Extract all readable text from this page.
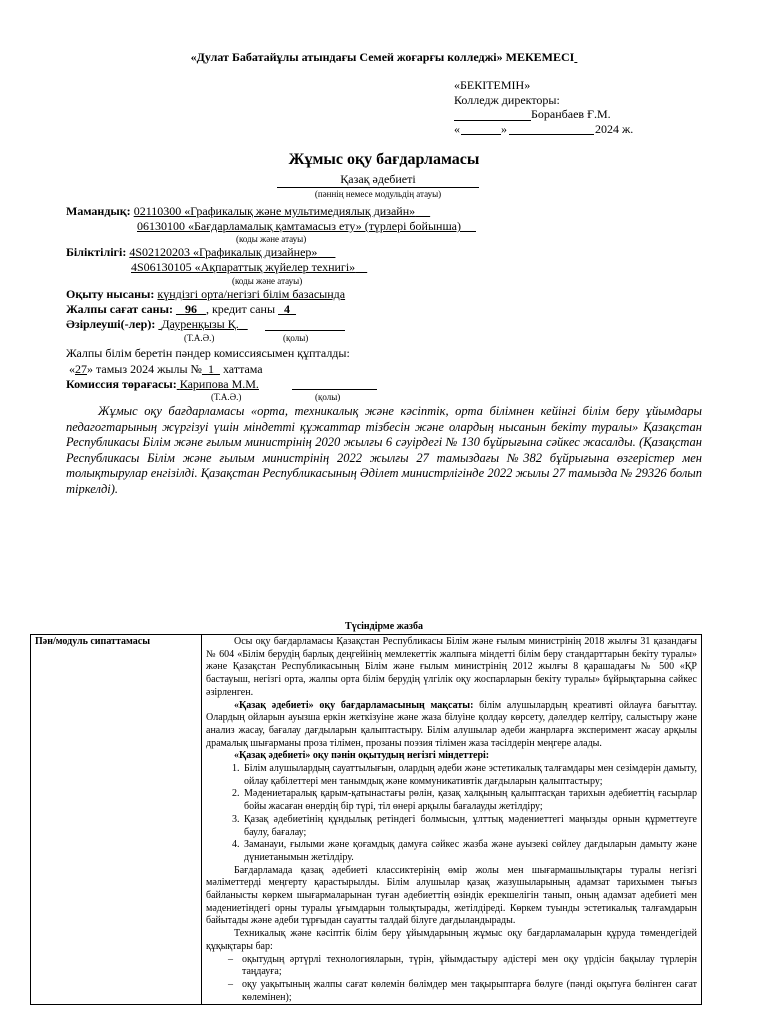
«Дулат Бабатайұлы атындағы Семей жоғарғы колледжі» МЕКЕМЕСІ
«БЕКІТЕМІН»
Колледж директоры:
Боранбаев Ғ.М.
«	»	2024 ж.
Жұмыс оқу бағдарламасы
Қазақ әдебиеті
(пәннің немесе модульдің атауы)
Мамандық: 02110300 «Графикалық және мультимедиялық дизайн»
06130100 «Бағдарламалық қамтамасыз ету» (түрлері бойынша)
(коды және атауы)
Біліктілігі: 4S02120203 «Графикалық дизайнер»
4S06130105 «Ақпараттық жүйелер технигі»
(коды және атауы)
Оқыту нысаны: күндізгі орта/негізгі білім базасында
Жалпы сағат саны: 96 , кредит саны 4
Әзірлеуші(-лер): Дауренқызы Қ.
(Т.А.Ә.)	(қолы)
Жалпы білім беретін пәндер комиссиясымен құпталды:
«27» тамыз 2024 жылы № 1 хаттама
Комиссия төрағасы: Карипова М.М.
(Т.А.Ә.)	(қолы)

Жұмыс оқу бағдарламасы «орта, техникалық және кәсіптік, орта білімнен кейінгі білім беру ұйымдары педагогтарының жүргізуі үшін міндетті құжаттар тізбесін және олардың нысанын бекіту туралы» Қазақстан Республикасы Білім және ғылым министрінің 2020 жылғы 6 сәуірдегі № 130 бұйрығына сәйкес жасалды. (Қазақстан Республикасы Білім және ғылым министрінің 2022 жылғы 27 тамыздағы №382 бұйрығына өзгерістер мен толықтырулар енгізілді. Қазақстан Республикасының Әділет министрлігінде 2022 жылы 27 тамызда № 29326 болып тіркелді).

Түсіндірме жазба
Пән/модуль сипаттамасы	Осы оқу бағдарламасы Қазақстан Республикасы Білім және ғылым министрінің 2018 жылғы 31 қазандағы № 604 «Білім берудің барлық деңгейінің мемлекеттік жалпыға міндетті білім беру стандарттарын бекіту туралы» және Қазақстан Республикасының Білім және ғылым министрінің 2012 жылғы 8 қарашадағы № 500 «ҚР бастауыш, негізгі орта, жалпы орта білім берудің үлгілік оқу жоспарларын бекіту туралы» бұйрықтарына сәйкес әзірленген.

«Қазақ әдебиеті» оқу бағдарламасының мақсаты: білім алушылардың креативті ойлауға бағыттау. Олардың ойларын ауызша еркін жеткізуіне және жаза білуіне қолдау көрсету, дәлелдер келтіру, салыстыру және анализ жасау, бағалау дағдыларын қалыптастыру. Білім алушылар әдеби жанрларға эксперимент жасау арқылы драмалық шығарманы проза тілімен, прозаны поэзия тілімен жаза тәсілдерін меңгере алады.

«Қазақ әдебиеті» оқу пәнін оқытудың негізгі міндеттері:

1. Білім алушылардың сауаттылығын, олардың әдеби және эстетикалық талғамдары мен сезімдерін дамыту, ойлау қабілеттері мен танымдық және коммуникативтік дағдыларын қалыптастыру;
2. Мәдениетаралық қарым-қатынастағы рөлін, қазақ халқының қалыптасқан тарихын әдебиеттің ғасырлар бойы жасаған өнердің бір түрі, тіл өнері арқылы бағалауды жетілдіру;
3. Қазақ әдебиетінің құндылық ретіндегі болмысын, ұлттық мәдениеттегі маңызды орнын құрметтеуге баулу, бағалау;
4. Заманауи, ғылыми және қоғамдық дамуға сәйкес жазба және ауызекі сөйлеу дағдыларын дамыту және дүниетанымын жетілдіру.

Бағдарламада қазақ әдебиеті классиктерінің өмір жолы мен шығармашылықтары туралы негізгі мәліметтерді меңгерту қарастырылды. Білім алушылар қазақ жазушыларының адамзат тарихымен тығыз байланысты көркем шығармаларынан туған әдебиеттің өзіндік ерекшелігін танып, оның адамзат әдебиеті мен мәдениетіндегі орны туралы ұғымдарын толықтырады, жетілдіреді. Көркем туынды эстетикалық талғамдарын байытады және әдеби тұрғыдан сауатты талдай білуге дағдыландырады.

Техникалық және кәсіптік білім беру ұйымдарының жұмыс оқу бағдарламаларын құруда төмендегідей құқықтары бар:

– оқытудың әртүрлі технологияларын, түрін, ұйымдастыру әдістері мен оқу үрдісін бақылау түрлерін таңдауға;
– оқу уақытының жалпы сағат көлемін бөлімдер мен тақырыптарға бөлуге (пәнді оқытуға бөлінген сағат көлемінен);
